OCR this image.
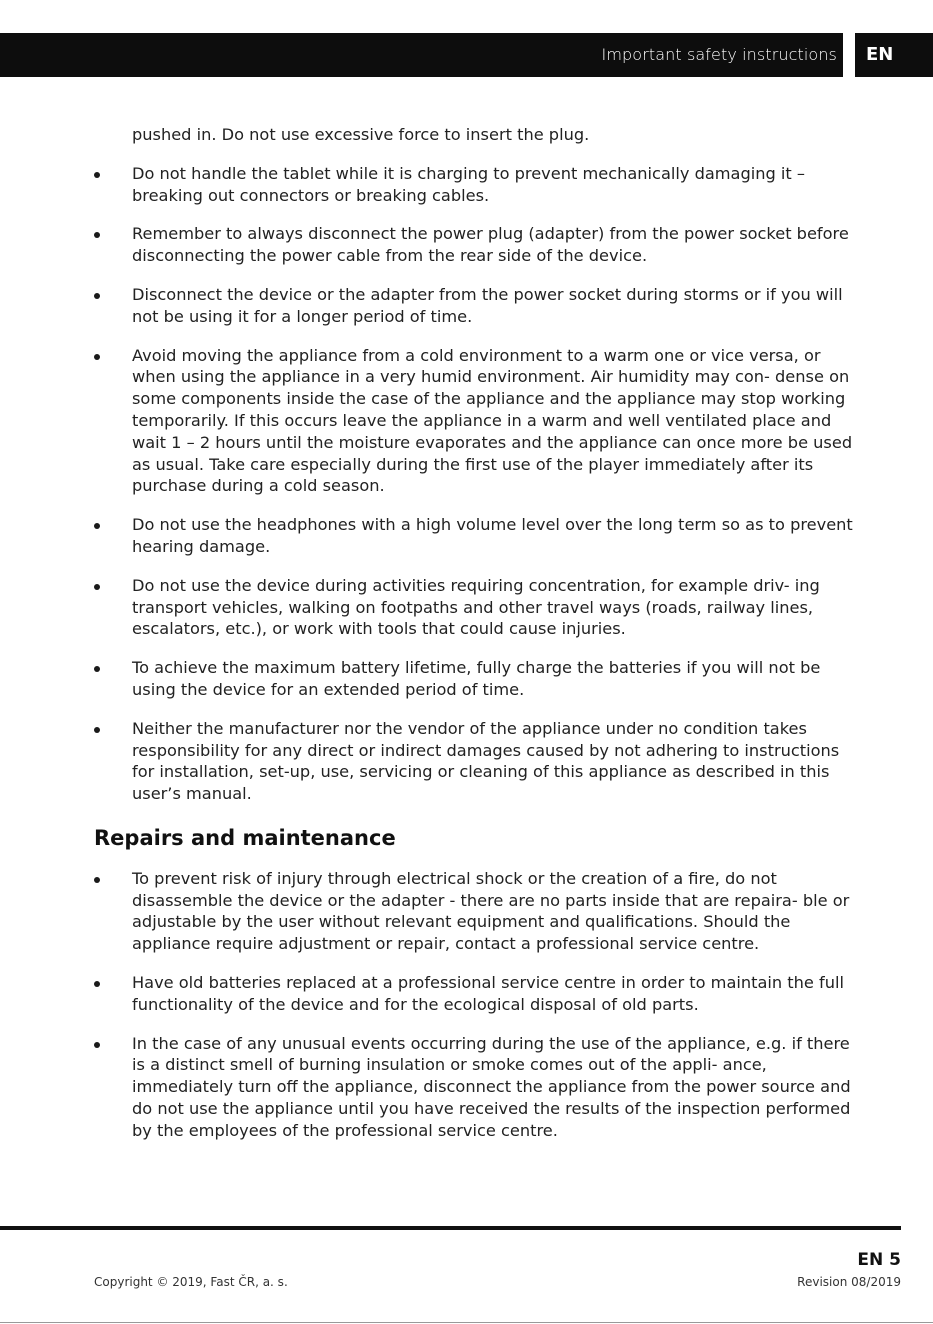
Important safety instructions EN

pushed in. Do not use excessive force to insert the plug.

Do not handle the tablet while it is charging to prevent mechanically damaging it – breaking out connectors or breaking cables.
Remember to always disconnect the power plug (adapter) from the power socket before disconnecting the power cable from the rear side of the device.
Disconnect the device or the adapter from the power socket during storms or if you will not be using it for a longer period of time.
Avoid moving the appliance from a cold environment to a warm one or vice versa, or when using the appliance in a very humid environment. Air humidity may con- dense on some components inside the case of the appliance and the appliance may stop working temporarily. If this occurs leave the appliance in a warm and well ventilated place and wait 1 – 2 hours until the moisture evaporates and the appliance can once more be used as usual. Take care especially during the first use of the player immediately after its purchase during a cold season.
Do not use the headphones with a high volume level over the long term so as to prevent hearing damage.
Do not use the device during activities requiring concentration, for example driv- ing transport vehicles, walking on footpaths and other travel ways (roads, railway lines, escalators, etc.), or work with tools that could cause injuries.
To achieve the maximum battery lifetime, fully charge the batteries if you will not be using the device for an extended period of time.
Neither the manufacturer nor the vendor of the appliance under no condition takes responsibility for any direct or indirect damages caused by not adhering to instructions for installation, set-up, use, servicing or cleaning of this appliance as described in this user’s manual.
Repairs and maintenance
To prevent risk of injury through electrical shock or the creation of a fire, do not disassemble the device or the adapter - there are no parts inside that are repaira- ble or adjustable by the user without relevant equipment and qualifications. Should the appliance require adjustment or repair, contact a professional service centre.
Have old batteries replaced at a professional service centre in order to maintain the full functionality of the device and for the ecological disposal of old parts.
In the case of any unusual events occurring during the use of the appliance, e.g. if there is a distinct smell of burning insulation or smoke comes out of the appli- ance, immediately turn off the appliance, disconnect the appliance from the power source and do not use the appliance until you have received the results of the inspection performed by the employees of the professional service centre.
EN 5
Copyright © 2019, Fast ČR, a. s.	Revision 08/2019
